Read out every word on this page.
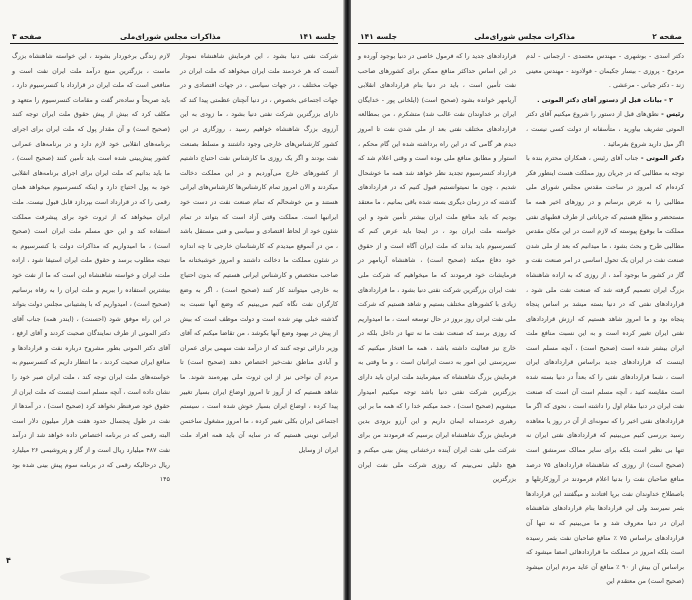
صفحه ۳	مذاکرات مجلس شورای‌ملی	جلسه ۱۴۱

شرکت نفتی دنیا بشود ، این فرمایش شاهنشاه نمودار آنست که هر خردمند ملت ایران میخواهد که ملت ایران در جهات مختلف ، در جهات سیاسی ، در جهات اقتصادی و در جهات اجتماعی بخصوص ، در دنیا آنچنان عظمتی پیدا کند که دارای بزرگترین شرکت نفتی دنیا بشود ، ما زودی به این آرزوی بزرگ شاهنشاه خواهیم رسید ، روزگاری در این کشور کارشناس‌های خارجی وجود داشتند و مسلط بصنعت نفت بودند و اگر یک روزی ما کارشناس نفت احتیاج داشتیم از کشورهای خارج می‌آوردیم و در این مملکت دخالت میکردند و الان امروز تمام کارشناس‌ها کارشناس‌های ایرانی هستند و من خوشحالم که تمام صنعت نفت در دست خود ایرانیها است. مملکت وقتی آزاد است که بتواند در تمام شئون خود از لحاظ اقتصادی و سیاسی و فنی مستقل باشد ، من در آنموقع میدیدم که کارشناسان خارجی تا چه اندازه در شئون مملکت ما دخالت داشتند و امروز خوشبختانه ما صاحب متخصص و کارشناس ایرانی هستیم که بدون احتیاج به خارجی میتوانند کار کنند (صحیح است) ، اگر به وضع کارگران نفت نگاه کنیم می‌بینیم که وضع آنها نسبت به گذشته خیلی بهتر شده است و دولت موظف است که بیش از پیش در بهبود وضع آنها بکوشد ، من تقاضا میکنم که آقای وزیر دارائی توجه کنند که از درآمد نفت سهمی برای عمران و آبادی مناطق نفت‌خیز اختصاص دهند (صحیح است) تا مردم آن نواحی نیز از این ثروت ملی بهره‌مند شوند. ما شاهد هستیم که از آروز تا امروز اوضاع ایران بسیار تغییر پیدا کرده ، اوضاع ایران بسیار خوش شده است ، سیستم اجتماعی ایران بکلی تغییر کرده ، ما امروز مشغول ساختمن ایرانی نوینی هستیم که در سایه آن باید همه افراد ملت ایران از وسایل

لازم زندگی برخوردار بشوند ، این خواسته شاهنشاه بزرگ ماست ، بزرگترین منبع درآمد ملت ایران نفت است و منافعی است که ملت ایران در قرارداد با کنسرسیوم دارد ، باید صریحاً و ساده‌تر گفت و مقامات کنسرسیوم را متعهد و مکلف کرد که بیش از پیش حقوق ملت ایران توجه کنند (صحیح است) و آن مقدار پول که ملت ایران برای اجرای برنامه‌های انقلابی خود لازم دارد و در برنامه‌های عمرانی کشور پیش‌بینی شده است باید تأمین کنند (صحیح است) ، ما باید بدانیم که ملت ایران برای اجرای برنامه‌های انقلابی خود به پول احتیاج دارد و اینکه کنسرسیوم میخواهد همان رقمی را که در قرارداد است بپردازد قابل قبول نیست. ملت ایران میخواهد که از ثروت خود برای پیشرفت مملکت استفاده کند و این حق مسلم ملت ایران است (صحیح است) ، ما امیدواریم که مذاکرات دولت با کنسرسیوم به نتیجه مطلوب برسد و حقوق ملت ایران استیفا شود ، اراده ملت ایران و خواسته شاهنشاه این است که ما از نفت خود بیشترین استفاده را ببریم و ملت ایران را به رفاه برسانیم (صحیح است) ، امیدواریم که با پشتیبانی مجلس دولت بتواند در این راه موفق شود (احسنت) ، (ایندر همه) جناب آقای دکتر الموتی از طرف نمایندگان صحبت کردند و آقای ارفع ، آقای دکتر الموتی بطور مشروح درباره نفت و قراردادها و منافع ایران صحبت کردند ، ما انتظار داریم که کنسرسیوم به خواسته‌های ملت ایران توجه کند ، ملت ایران صبر خود را نشان داده است ، آنچه مسلم است اینست که ملت ایران از حقوق خود صرفنظر نخواهد کرد (صحیح است) ، در آمدها از نفت در طول پنجسال حدود هفت هزار میلیون دلار است البته رقمی که در برنامه اختصاص داده خواهد شد از درآمد نفت ۴۸۷ میلیارد ریال است و از گاز و پتروشیمی ۲۶ میلیارد ریال درحالیکه رقمی که در برنامه سوم پیش بینی شده بود ۱۴۵

۴
جلسه ۱۴۱	مذاکرات مجلس شورای‌ملی	صفحه ۲

دکتر اسدی - بوشهری - مهندس معتمدی - ارجمانی - لدم مردوخ - پروزی - بیسار جکیمان - فولادوند - مهندس معینی زند - دکتر جیانی - مرعشی .

۲ - بیانات قبل از دستور آقای دکتر الموتی .

رئیس - نطق‌های قبل از دستور را شروع میکنیم آقای دکتر الموتی تشریف بیاورید ، متأسفانه از دولت کسی نیست ، اگر میل دارید شروع بفرمائید .

دکتر الموتی - جناب آقای رئیس ، همکاران محترم بنده با توجه به مطالبی که در جریان روز مملکت هست اینطور فکر کرده‌ام که امروز در ساحت مقدس مجلس شورای ملی مطالبی را به عرض برسانم و در روزهای اخیر همه ما مستحضر و مطلع هستیم که جریاناتی از طرف قطبهای نفتی مملکت ما بوقوع پیوسته که لازم است در این مکان مقدس مطالبی طرح و بحث بشود ، ما میدانیم که بعد از ملی شدن صنعت نفت در ایران یک تحول اساسی در امر صنعت نفت و گاز در کشور ما بوجود آمد ، از روزی که به اراده شاهنشاه بزرگ ایران تصمیم گرفته شد که صنعت نفت ملی شود ، قراردادهای نفتی که در دنیا بسته میشد بر اساس پنجاه پنجاه بود و ما امروز شاهد هستیم که ارزش قراردادهای نفتی ایران تغییر کرده است و به این نسبت منافع ملت ایران بیشتر شده است (صحیح است) ، آنچه مسلم است اینست که قراردادهای جدید براساس قراردادهای ایران است ، شما قراردادهای نفتی را که بعداً در دنیا بسته شده است مقایسه کنید ، آنچه مسلم است آن است که صنعت نفت ایران در دنیا مقام اول را داشته است ، نحوی که اگر ما قراردادهای نفتی اخیر را که نمونه‌ای از آن در روز یا معاهده رسید بررسی کنیم می‌بینیم که قراردادهای نفتی ایران نه تنها بی نظیر است بلکه برای سایر ممالک سرمشق است (صحیح است) از روزی که شاهنشاه قراردادهای ۷۵ درصد منافع صاحبان نفت را بدنیا اعلام فرمودند در آروزکارتلها و باصطلاح خداوندان نفت برپا افتادند و میگفتند این قراردادها بثمر نمیرسد ولی این قراردادها بنام قراردادهای شاهنشاه ایران در دنیا معروف شد و ما می‌بینیم که نه تنها آن قراردادهای براساس ۷۵ ٪ منافع صاحبان نفت بثمر رسیده است بلکه امروز در مملکت ما قراردادهائی امضا میشود که براساس آن بیش از ۹۰ ٪ منافع آن عاید مردم ایران میشود (صحیح است) من معتقدم این

قراردادهای جدید را که فرمول خاصی در دنیا بوجود آورده و در این اساس حداکثر منافع ممکن برای کشورهای صاحب نفت تأمین است ، باید در دنیا بنام قراردادهای انقلابی آریامهر خوانده بشود (صحیح است) (ایلخانی پور - خدایگان ایران بر خداوندان نفت غالب شد) متشکرم ، من بمطالعه قراردادهای مختلف نفتی بعد از ملی شدن نفت تا امروز دیدم هر گامی که در این راه برداشته شده این گام محکم ، استوار و مطابق منافع ملی بوده است و وقتی اعلام شد که قرارداد کنسرسیوم تجدید نظر خواهد شد همه ما خوشحال شدیم ، چون ما نمیتوانستیم قبول کنیم که در قراردادهای گذشته که در زمان دیگری بسته شده باقی بمانیم ، ما معتقد بودیم که باید منافع ملت ایران بیشتر تأمین شود و این خواسته ملت ایران بود ، در اینجا باید عرض کنم که کنسرسیوم باید بداند که ملت ایران آگاه است و از حقوق خود دفاع میکند (صحیح است) ، شاهنشاه آریامهر در فرمایشات خود فرمودند که ما میخواهیم که شرکت ملی نفت ایران بزرگترین شرکت نفتی دنیا بشود ، ما قراردادهای زیادی با کشورهای مختلف بستیم و شاهد هستیم که شرکت ملی نفت ایران روز بروز در حال توسعه است ، ما امیدواریم که روزی برسد که صنعت نفت ما نه تنها در داخل بلکه در خارج نیز فعالیت داشته باشد ، همه ما افتخار میکنیم که سرپرستی این امور به دست ایرانیان است ، و ما وقتی به فرمایش بزرگ شاهنشاه که میفرمایند ملت ایران باید دارای بزرگترین شرکت نفتی دنیا باشد توجه میکنیم امیدوار میشویم (صحیح است) ، حمد میکنم خدا را که همه ما بر این رهبری خردمندانه ایمان داریم و این آرزو بزودی بدین فرمایش بزرگ شاهنشاه ایران برسیم که فرمودند من برای شرکت ملی نفت ایران آینده درخشانی پیش بینی میکنم و هیچ دلیلی نمی‌بینم که روزی شرکت ملی نفت ایران بزرگترین
